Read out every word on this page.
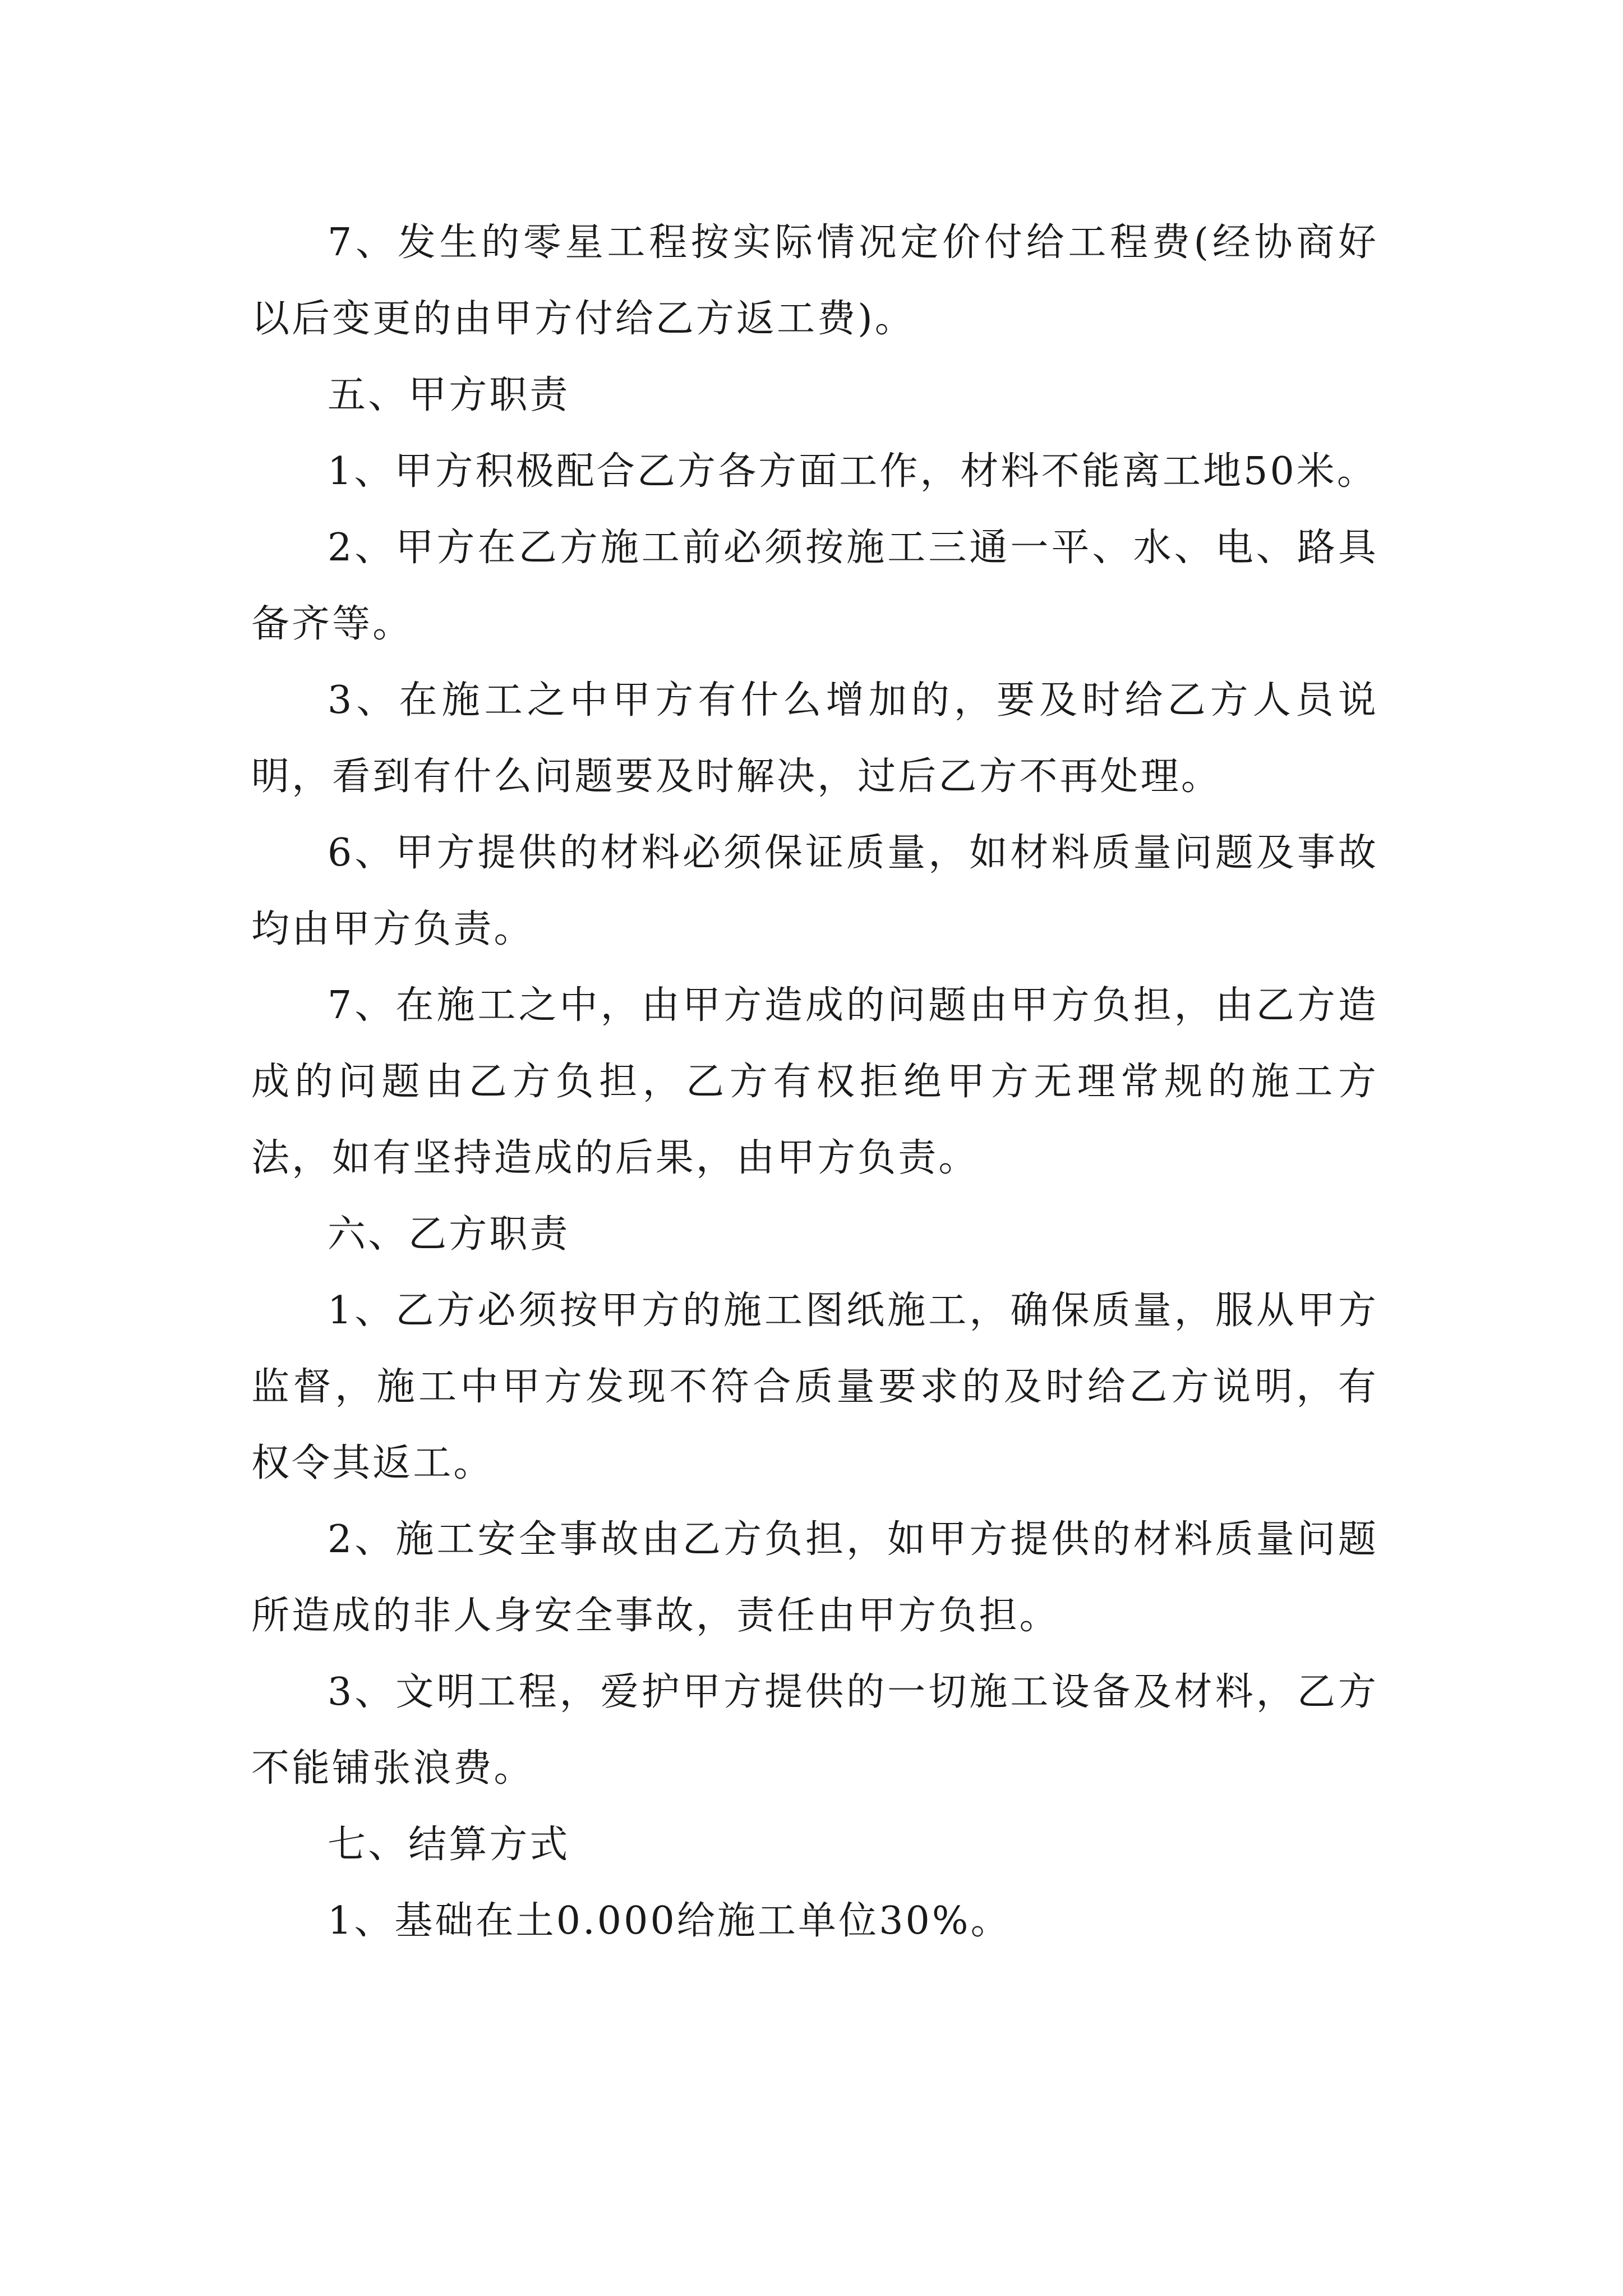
7、发生的零星工程按实际情况定价付给工程费(经协商好以后变更的由甲方付给乙方返工费)。

五、甲方职责

1、甲方积极配合乙方各方面工作，材料不能离工地50米。

2、甲方在乙方施工前必须按施工三通一平、水、电、路具备齐等。

3、在施工之中甲方有什么增加的，要及时给乙方人员说明，看到有什么问题要及时解决，过后乙方不再处理。

6、甲方提供的材料必须保证质量，如材料质量问题及事故均由甲方负责。

7、在施工之中，由甲方造成的问题由甲方负担，由乙方造成的问题由乙方负担，乙方有权拒绝甲方无理常规的施工方法，如有坚持造成的后果，由甲方负责。

六、乙方职责

1、乙方必须按甲方的施工图纸施工，确保质量，服从甲方监督，施工中甲方发现不符合质量要求的及时给乙方说明，有权令其返工。

2、施工安全事故由乙方负担，如甲方提供的材料质量问题所造成的非人身安全事故，责任由甲方负担。

3、文明工程，爱护甲方提供的一切施工设备及材料，乙方不能铺张浪费。

七、结算方式

1、基础在土0.000给施工单位30%。
